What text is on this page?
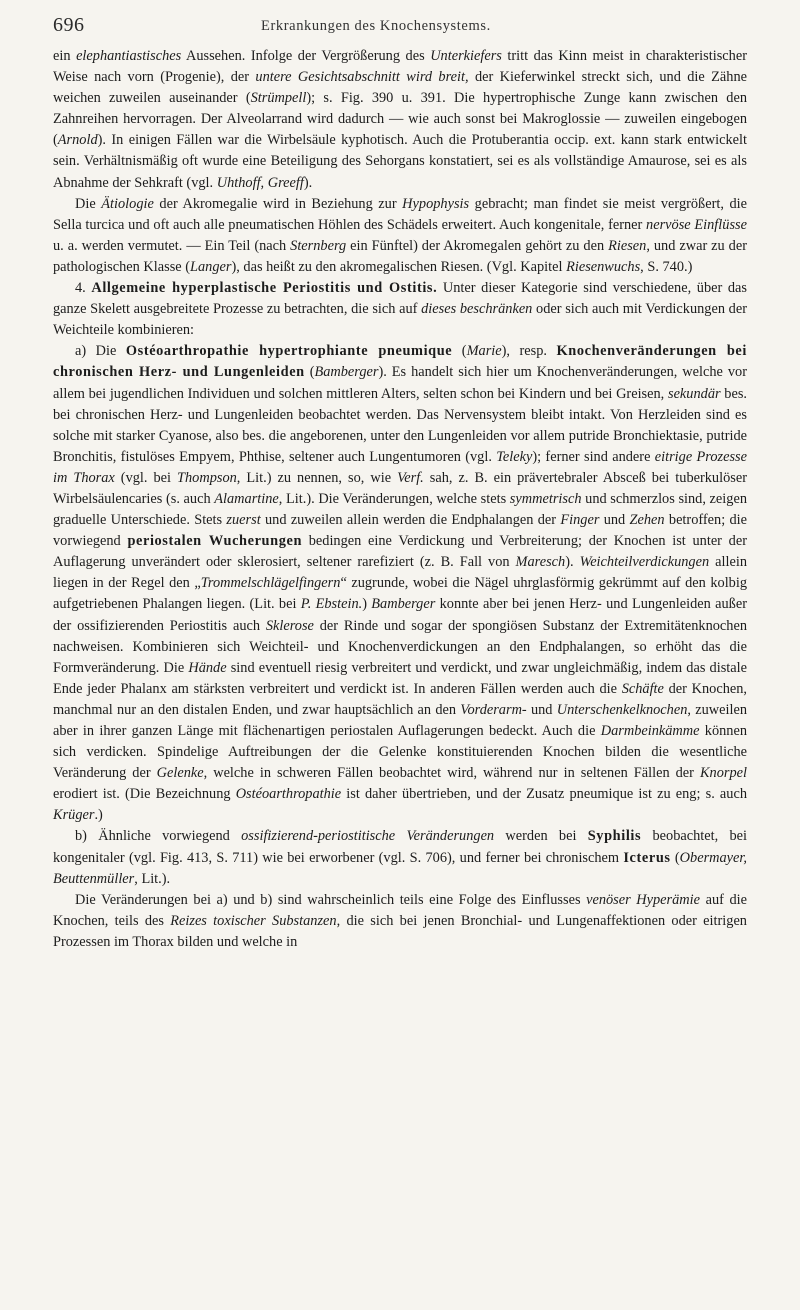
696	Erkrankungen des Knochensystems.

ein elephantiastisches Aussehen. Infolge der Vergrößerung des Unterkiefers tritt das Kinn meist in charakteristischer Weise nach vorn (Progenie), der untere Gesichtsabschnitt wird breit, der Kieferwinkel streckt sich, und die Zähne weichen zuweilen auseinander (Strümpell); s. Fig. 390 u. 391. Die hypertrophische Zunge kann zwischen den Zahnreihen hervorragen. Der Alveolarrand wird dadurch — wie auch sonst bei Makroglossie — zuweilen eingebogen (Arnold). In einigen Fällen war die Wirbelsäule kyphotisch. Auch die Protuberantia occip. ext. kann stark entwickelt sein. Verhältnismäßig oft wurde eine Beteiligung des Sehorgans konstatiert, sei es als vollständige Amaurose, sei es als Abnahme der Sehkraft (vgl. Uhthoff, Greeff).

Die Ätiologie der Akromegalie wird in Beziehung zur Hypophysis gebracht; man findet sie meist vergrößert, die Sella turcica und oft auch alle pneumatischen Höhlen des Schädels erweitert. Auch kongenitale, ferner nervöse Einflüsse u. a. werden vermutet. — Ein Teil (nach Sternberg ein Fünftel) der Akromegalen gehört zu den Riesen, und zwar zu der pathologischen Klasse (Langer), das heißt zu den akromegalischen Riesen. (Vgl. Kapitel Riesenwuchs, S. 740.)

4. Allgemeine hyperplastische Periostitis und Ostitis. Unter dieser Kategorie sind verschiedene, über das ganze Skelett ausgebreitete Prozesse zu betrachten, die sich auf dieses beschränken oder sich auch mit Verdickungen der Weichteile kombinieren:

a) Die Ostéoarthropathie hypertrophiante pneumique (Marie), resp. Knochenveränderungen bei chronischen Herz- und Lungenleiden (Bamberger). Es handelt sich hier um Knochenveränderungen, welche vor allem bei jugendlichen Individuen und solchen mittleren Alters, selten schon bei Kindern und bei Greisen, sekundär bes. bei chronischen Herz- und Lungenleiden beobachtet werden. Das Nervensystem bleibt intakt. Von Herzleiden sind es solche mit starker Cyanose, also bes. die angeborenen, unter den Lungenleiden vor allem putride Bronchiektasie, putride Bronchitis, fistulöses Empyem, Phthise, seltener auch Lungentumoren (vgl. Teleky); ferner sind andere eitrige Prozesse im Thorax (vgl. bei Thompson, Lit.) zu nennen, so, wie Verf. sah, z. B. ein prävertebraler Absceß bei tuberkulöser Wirbelsäulencaries (s. auch Alamartine, Lit.). Die Veränderungen, welche stets symmetrisch und schmerzlos sind, zeigen graduelle Unterschiede. Stets zuerst und zuweilen allein werden die Endphalangen der Finger und Zehen betroffen; die vorwiegend periostalen Wucherungen bedingen eine Verdickung und Verbreiterung; der Knochen ist unter der Auflagerung unverändert oder sklerosiert, seltener rarefiziert (z. B. Fall von Maresch). Weichteilverdickungen allein liegen in der Regel den „Trommelschlägelfingern“ zugrunde, wobei die Nägel uhrglasförmig gekrümmt auf den kolbig aufgetriebenen Phalangen liegen. (Lit. bei P. Ebstein.) Bamberger konnte aber bei jenen Herz- und Lungenleiden außer der ossifizierenden Periostitis auch Sklerose der Rinde und sogar der spongiösen Substanz der Extremitätenknochen nachweisen. Kombinieren sich Weichteil- und Knochenverdickungen an den Endphalangen, so erhöht das die Formveränderung. Die Hände sind eventuell riesig verbreitert und verdickt, und zwar ungleichmäßig, indem das distale Ende jeder Phalanx am stärksten verbreitert und verdickt ist. In anderen Fällen werden auch die Schäfte der Knochen, manchmal nur an den distalen Enden, und zwar hauptsächlich an den Vorderarm- und Unterschenkelknochen, zuweilen aber in ihrer ganzen Länge mit flächenartigen periostalen Auflagerungen bedeckt. Auch die Darmbeinkämme können sich verdicken. Spindelige Auftreibungen der die Gelenke konstituierenden Knochen bilden die wesentliche Veränderung der Gelenke, welche in schweren Fällen beobachtet wird, während nur in seltenen Fällen der Knorpel erodiert ist. (Die Bezeichnung Ostéoarthropathie ist daher übertrieben, und der Zusatz pneumique ist zu eng; s. auch Krüger.)

b) Ähnliche vorwiegend ossifizierend-periostitische Veränderungen werden bei Syphilis beobachtet, bei kongenitaler (vgl. Fig. 413, S. 711) wie bei erworbener (vgl. S. 706), und ferner bei chronischem Icterus (Obermayer, Beuttenmüller, Lit.).

Die Veränderungen bei a) und b) sind wahrscheinlich teils eine Folge des Einflusses venöser Hyperämie auf die Knochen, teils des Reizes toxischer Substanzen, die sich bei jenen Bronchial- und Lungenaffektionen oder eitrigen Prozessen im Thorax bilden und welche in
